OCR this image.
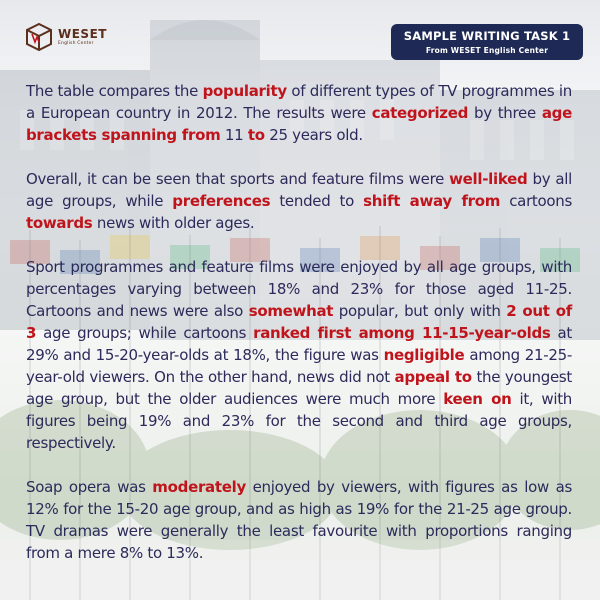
WESET
English Center
SAMPLE WRITING TASK 1
From WESET English Center

The table compares the popularity of different types of TV programmes in a European country in 2012. The results were categorized by three age brackets spanning from 11 to 25 years old.

Overall, it can be seen that sports and feature films were well-liked by all age groups, while preferences tended to shift away from cartoons towards news with older ages.

Sport programmes and feature films were enjoyed by all age groups, with percentages varying between 18% and 23% for those aged 11-25. Cartoons and news were also somewhat popular, but only with 2 out of 3 age groups; while cartoons ranked first among 11-15-year-olds at 29% and 15-20-year-olds at 18%, the figure was negligible among 21-25-year-old viewers. On the other hand, news did not appeal to the youngest age group, but the older audiences were much more keen on it, with figures being 19% and 23% for the second and third age groups, respectively.

Soap opera was moderately enjoyed by viewers, with figures as low as 12% for the 15-20 age group, and as high as 19% for the 21-25 age group. TV dramas were generally the least favourite with proportions ranging from a mere 8% to 13%.
